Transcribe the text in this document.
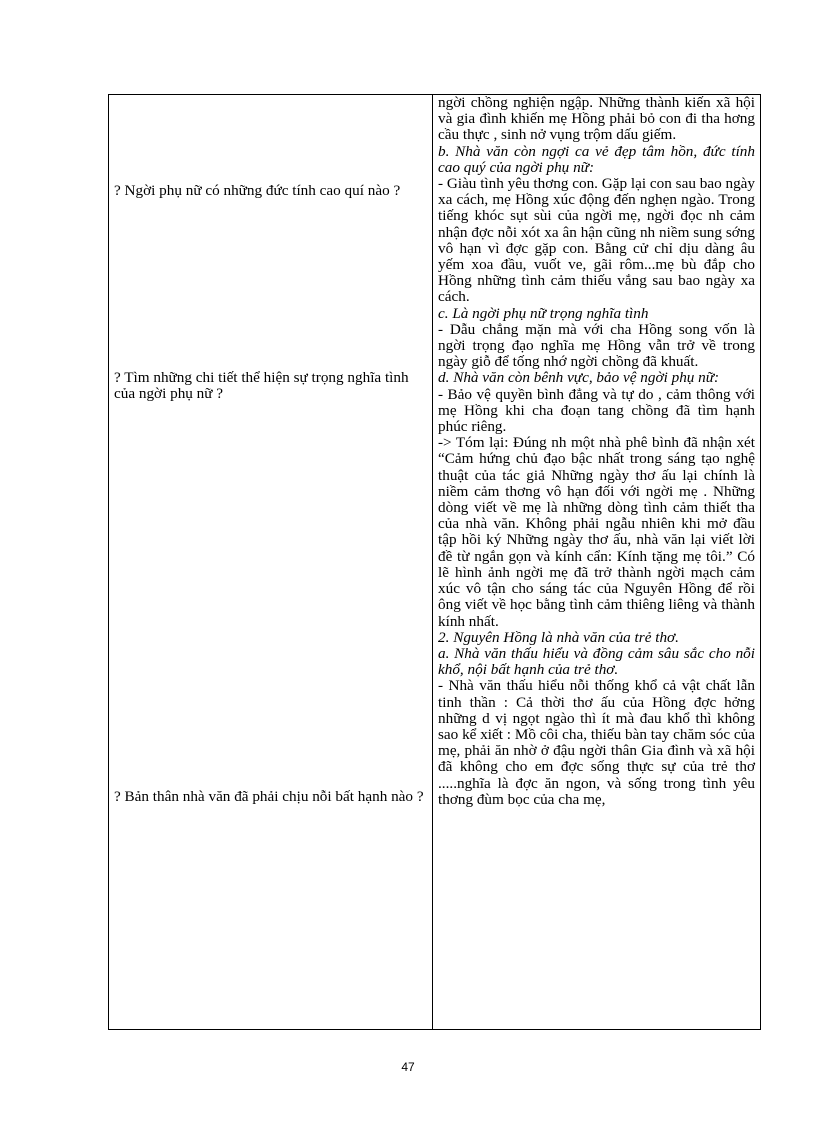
? Ngời phụ nữ có những đức tính cao quí nào ?
? Tìm những chi tiết thể hiện sự trọng nghĩa tình của ngời phụ nữ ?
? Bản thân nhà văn đã phải chịu nỗi bất hạnh nào ?

ngời chồng nghiện ngập. Những thành kiến xã hội và gia đình khiến mẹ Hồng phải bỏ con đi tha hơng cầu thực , sinh nở vụng trộm dấu giếm.
b. Nhà văn còn ngợi ca vẻ đẹp tâm hồn, đức tính cao quý của ngời phụ nữ:
- Giàu tình yêu thơng con. Gặp lại con sau bao ngày xa cách, mẹ Hồng xúc động đến nghẹn ngào. Trong tiếng khóc sụt sùi của ngời mẹ, ngời đọc nh cảm nhận đợc nỗi xót xa ân hận cũng nh niềm sung sớng vô hạn vì đợc gặp con. Bằng cử chỉ dịu dàng âu yếm xoa đầu, vuốt ve, gãi rôm...mẹ bù đắp cho Hồng những tình cảm thiếu vắng sau bao ngày xa cách.
c. Là ngời phụ nữ trọng nghĩa tình
- Dẫu chẳng mặn mà với cha Hồng song vốn là ngời trọng đạo nghĩa mẹ Hồng vẫn trở về trong ngày giỗ để tống nhớ ngời chồng đã khuất.
d. Nhà văn còn bênh vực, bảo vệ ngời phụ nữ:
- Bảo vệ quyền bình đẳng và tự do , cảm thông với mẹ Hồng khi cha đoạn tang chồng đã tìm hạnh phúc riêng.
-> Tóm lại: Đúng nh một nhà phê bình đã nhận xét “Cảm hứng chủ đạo bậc nhất trong sáng tạo nghệ thuật của tác giả Những ngày thơ ấu lại chính là niềm cảm thơng vô hạn đối với ngời mẹ . Những dòng viết về mẹ là những dòng tình cảm thiết tha của nhà văn. Không phải ngẫu nhiên khi mở đầu tập hồi ký Những ngày thơ ấu, nhà văn lại viết lời đề từ ngắn gọn và kính cẩn: Kính tặng mẹ tôi.” Có lẽ hình ảnh ngời mẹ đã trở thành ngời mạch cảm xúc vô tận cho sáng tác của Nguyên Hồng để rồi ông viết về học bằng tình cảm thiêng liêng và thành kính nhất.
2. Nguyên Hồng là nhà văn của trẻ thơ.
a. Nhà văn thấu hiểu và đồng cảm sâu sắc cho nỗi khổ, nội bất hạnh của trẻ thơ.
- Nhà văn thấu hiểu nỗi thống khổ cả vật chất lẫn tinh thần : Cả thời thơ ấu của Hồng đợc hởng những d vị ngọt ngào thì ít mà đau khổ thì không sao kể xiết : Mồ côi cha, thiếu bàn tay chăm sóc của mẹ, phải ăn nhờ ở đậu ngời thân Gia đình và xã hội đã không cho em đợc sống thực sự của trẻ thơ .....nghĩa là đợc ăn ngon, và sống trong tình yêu thơng đùm bọc của cha mẹ,
47
